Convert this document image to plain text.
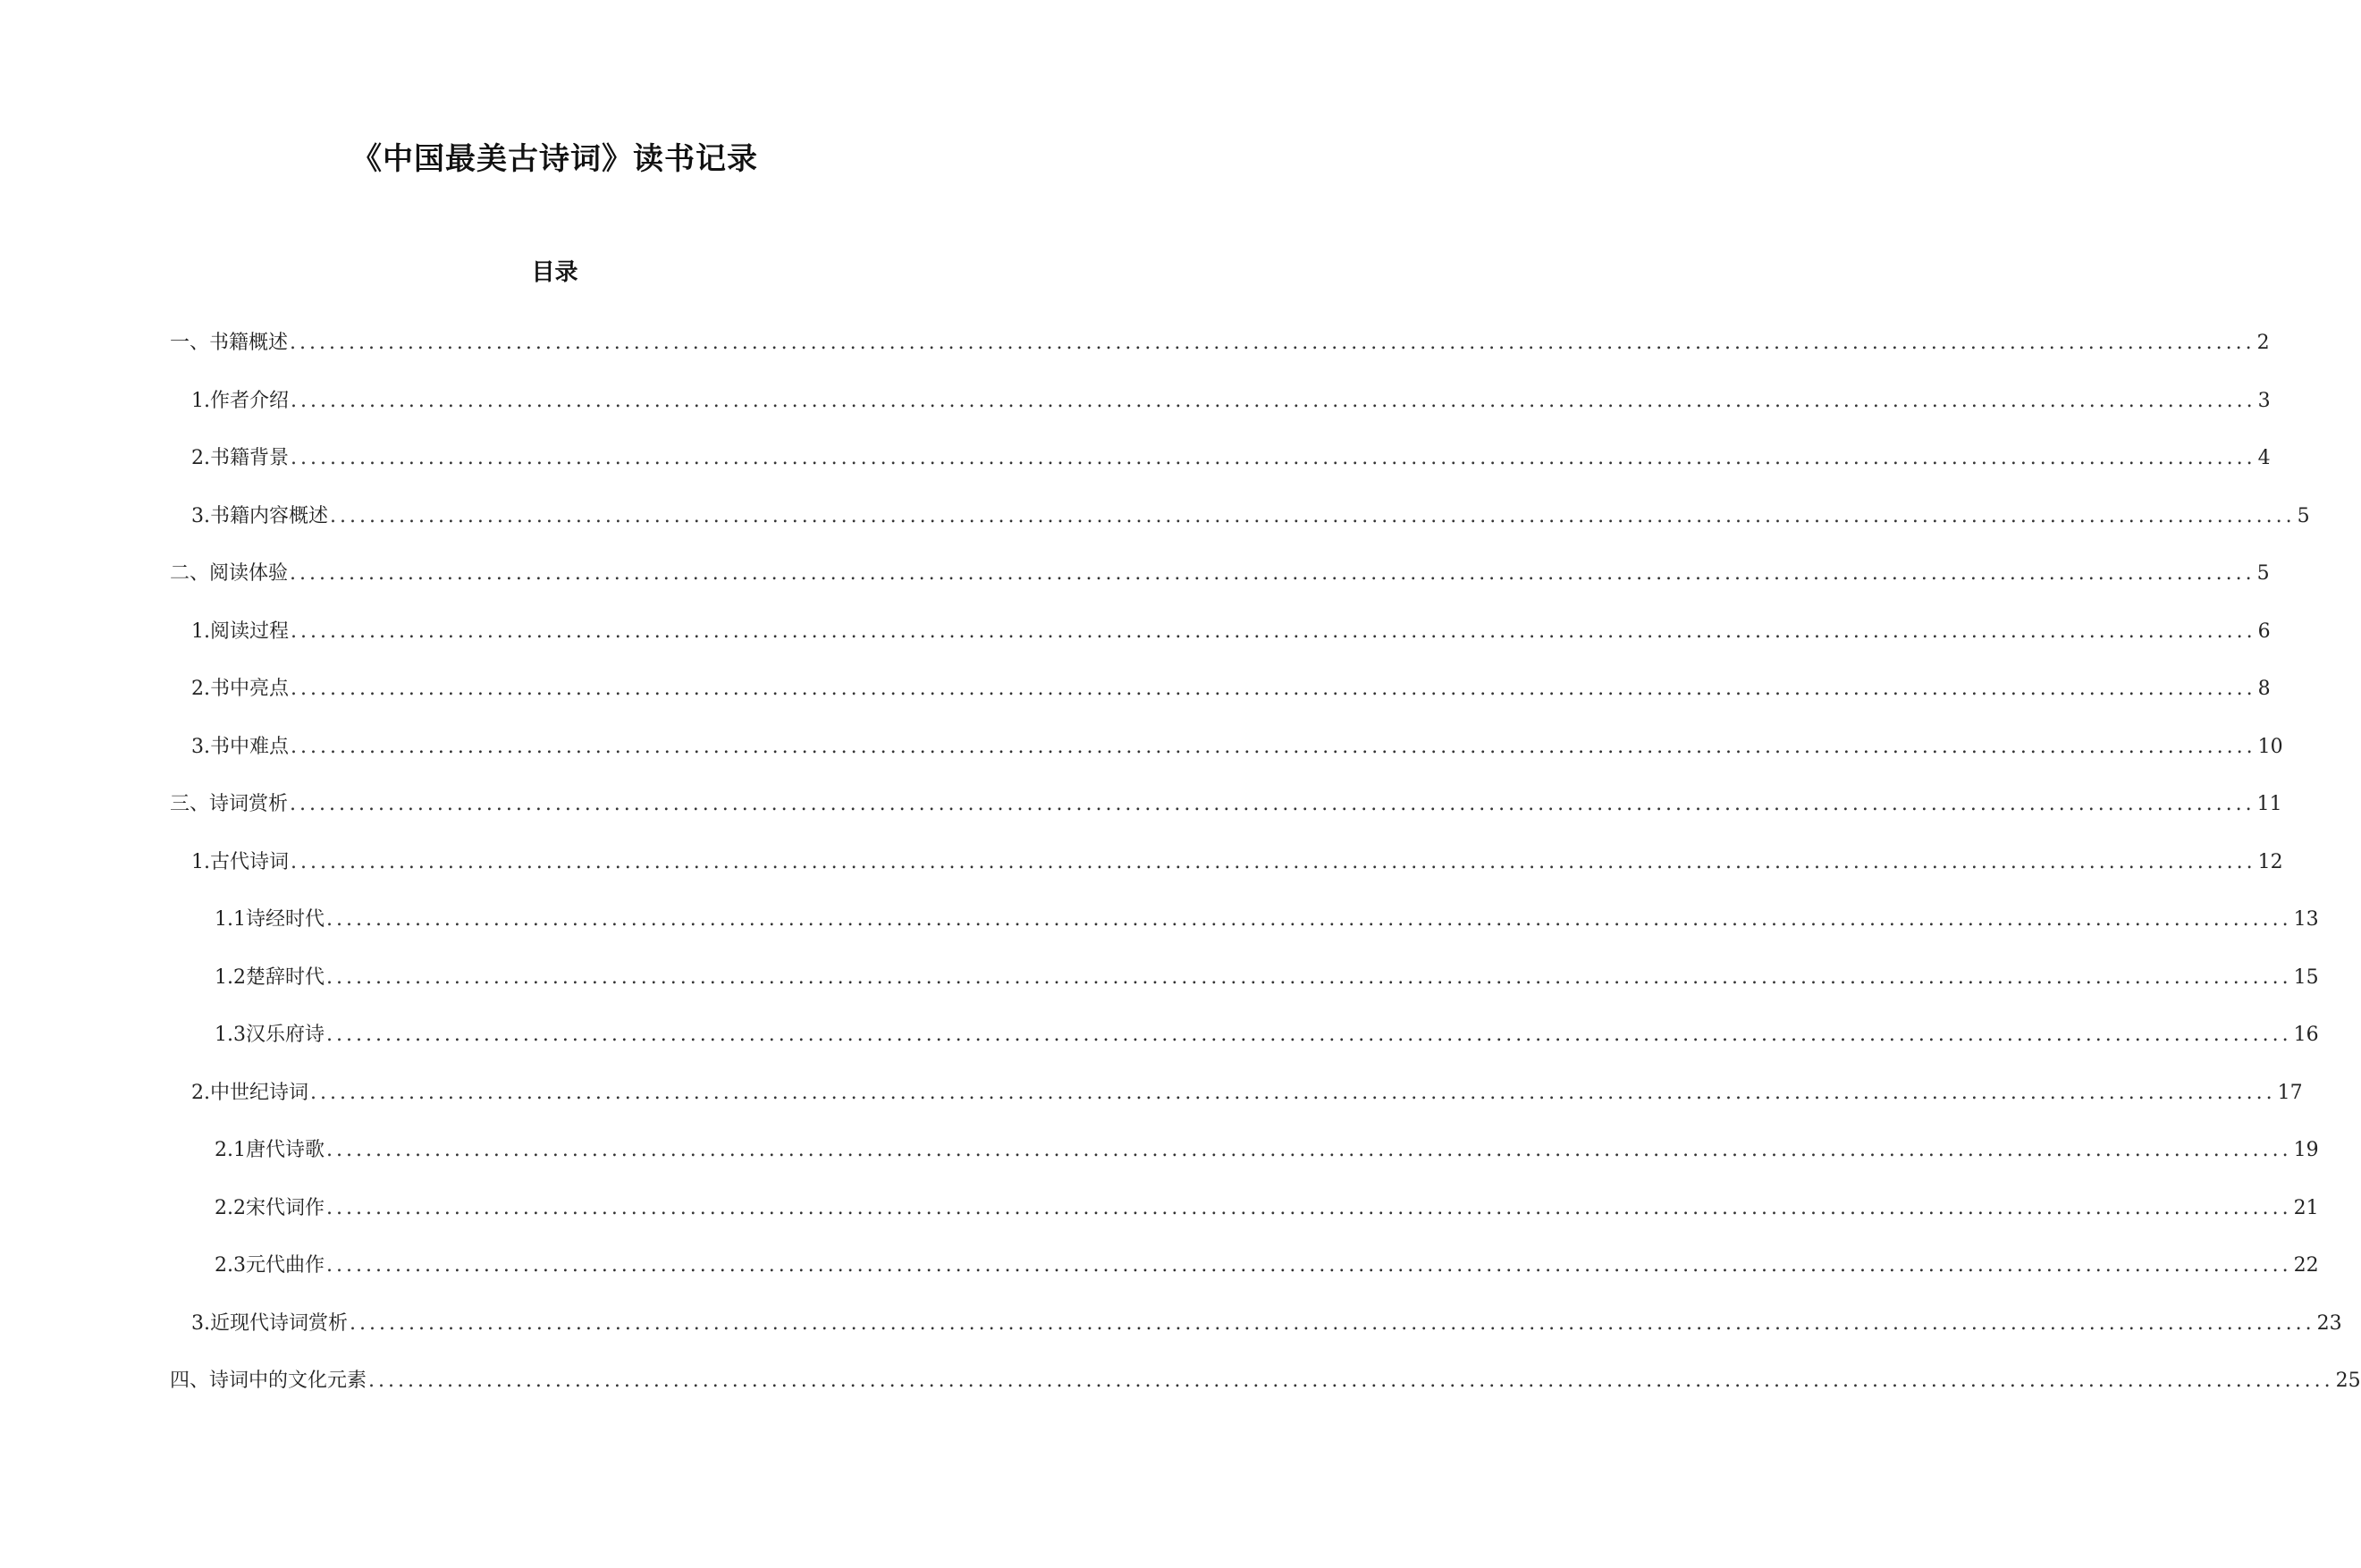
《中国最美古诗词》读书记录
目录
一、书籍概述 ........................................................................................................................................................................................................ 2
1. 作者介绍 ........................................................................................................................................................................................................ 3
2. 书籍背景 ........................................................................................................................................................................................................ 4
3. 书籍内容概述 ........................................................................................................................................................................................................ 5
二、阅读体验 ........................................................................................................................................................................................................ 5
1. 阅读过程 ........................................................................................................................................................................................................ 6
2. 书中亮点 ........................................................................................................................................................................................................ 8
3. 书中难点 ........................................................................................................................................................................................................ 10
三、诗词赏析 ........................................................................................................................................................................................................ 11
1. 古代诗词 ........................................................................................................................................................................................................ 12
1.1 诗经时代 ........................................................................................................................................................................................................ 13
1.2 楚辞时代 ........................................................................................................................................................................................................ 15
1.3 汉乐府诗 ........................................................................................................................................................................................................ 16
2. 中世纪诗词 ........................................................................................................................................................................................................ 17
2.1 唐代诗歌 ........................................................................................................................................................................................................ 19
2.2 宋代词作 ........................................................................................................................................................................................................ 21
2.3 元代曲作 ........................................................................................................................................................................................................ 22
3. 近现代诗词赏析 ........................................................................................................................................................................................................ 23
四、诗词中的文化元素 ........................................................................................................................................................................................................ 25
